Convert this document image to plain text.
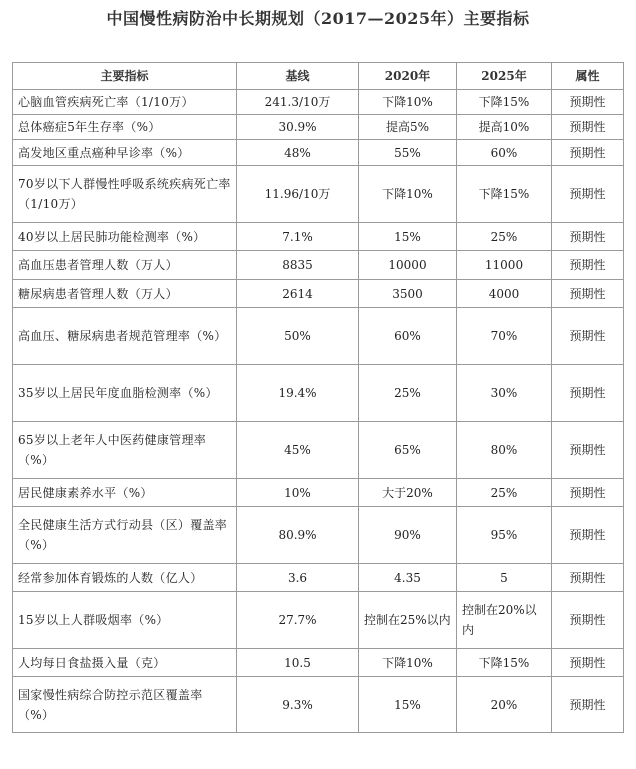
中国慢性病防治中长期规划（2017—2025年）主要指标
主要指标	基线	2020年	2025年	属性
心脑血管疾病死亡率（1/10万）	241.3/10万	下降10%	下降15%	预期性
总体癌症5年生存率（%）	30.9%	提高5%	提高10%	预期性
高发地区重点癌种早诊率（%）	48%	55%	60%	预期性
70岁以下人群慢性呼吸系统疾病死亡率（1/10万）	11.96/10万	下降10%	下降15%	预期性
40岁以上居民肺功能检测率（%）	7.1%	15%	25%	预期性
高血压患者管理人数（万人）	8835	10000	11000	预期性
糖尿病患者管理人数（万人）	2614	3500	4000	预期性
高血压、糖尿病患者规范管理率（%）	50%	60%	70%	预期性
35岁以上居民年度血脂检测率（%）	19.4%	25%	30%	预期性
65岁以上老年人中医药健康管理率（%）	45%	65%	80%	预期性
居民健康素养水平（%）	10%	大于20%	25%	预期性
全民健康生活方式行动县（区）覆盖率（%）	80.9%	90%	95%	预期性
经常参加体育锻炼的人数（亿人）	3.6	4.35	5	预期性
15岁以上人群吸烟率（%）	27.7%	控制在25%以内	控制在20%以内	预期性
人均每日食盐摄入量（克）	10.5	下降10%	下降15%	预期性
国家慢性病综合防控示范区覆盖率（%）	9.3%	15%	20%	预期性
